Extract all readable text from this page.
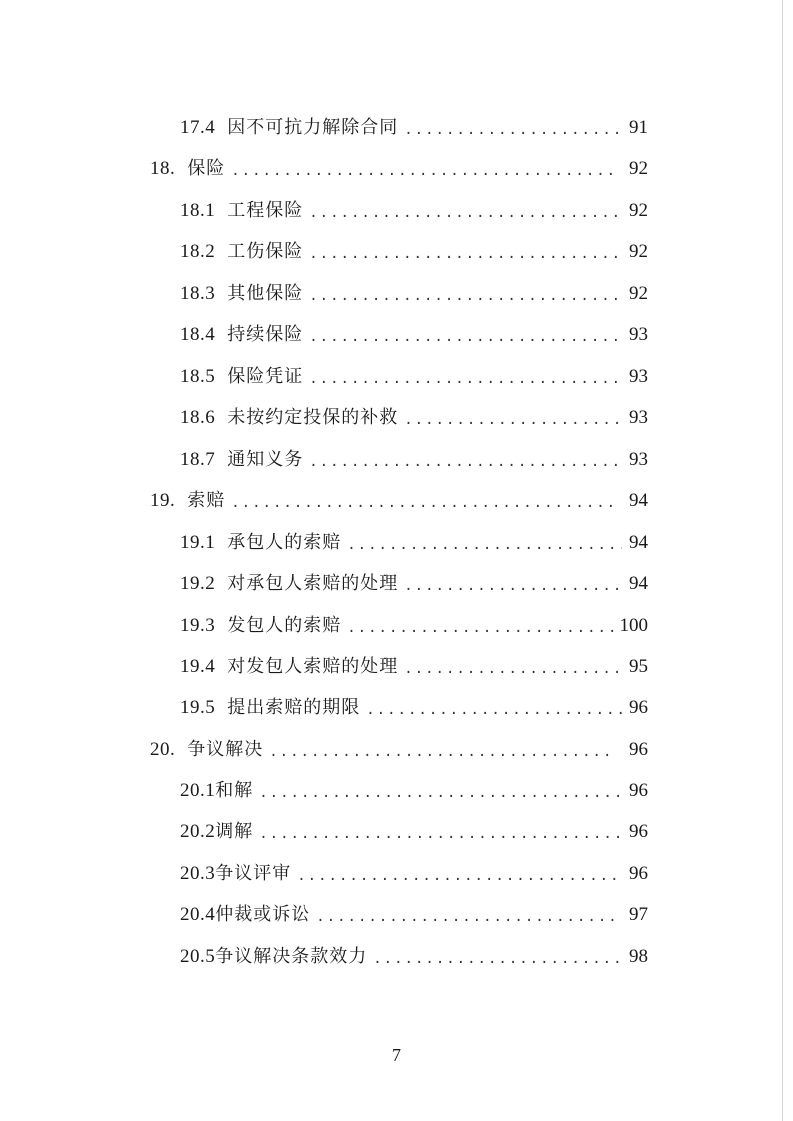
17.4 因不可抗力解除合同 .....	91
18. 保险 .....	92
18.1 工程保险 .....	92
18.2 工伤保险 .....	92
18.3 其他保险 .....	92
18.4 持续保险 .....	93
18.5 保险凭证 .....	93
18.6 未按约定投保的补救 .....	93
18.7 通知义务 .....	93
19. 索赔 .....	94
19.1 承包人的索赔 .....	94
19.2 对承包人索赔的处理 .....	94
19.3 发包人的索赔 .....	100
19.4 对发包人索赔的处理 .....	95
19.5 提出索赔的期限 .....	96
20. 争议解决 .....	96
20.1 和解 .....	96
20.2 调解 .....	96
20.3 争议评审 .....	96
20.4 仲裁或诉讼 .....	97
20.5 争议解决条款效力 .....	98
7
